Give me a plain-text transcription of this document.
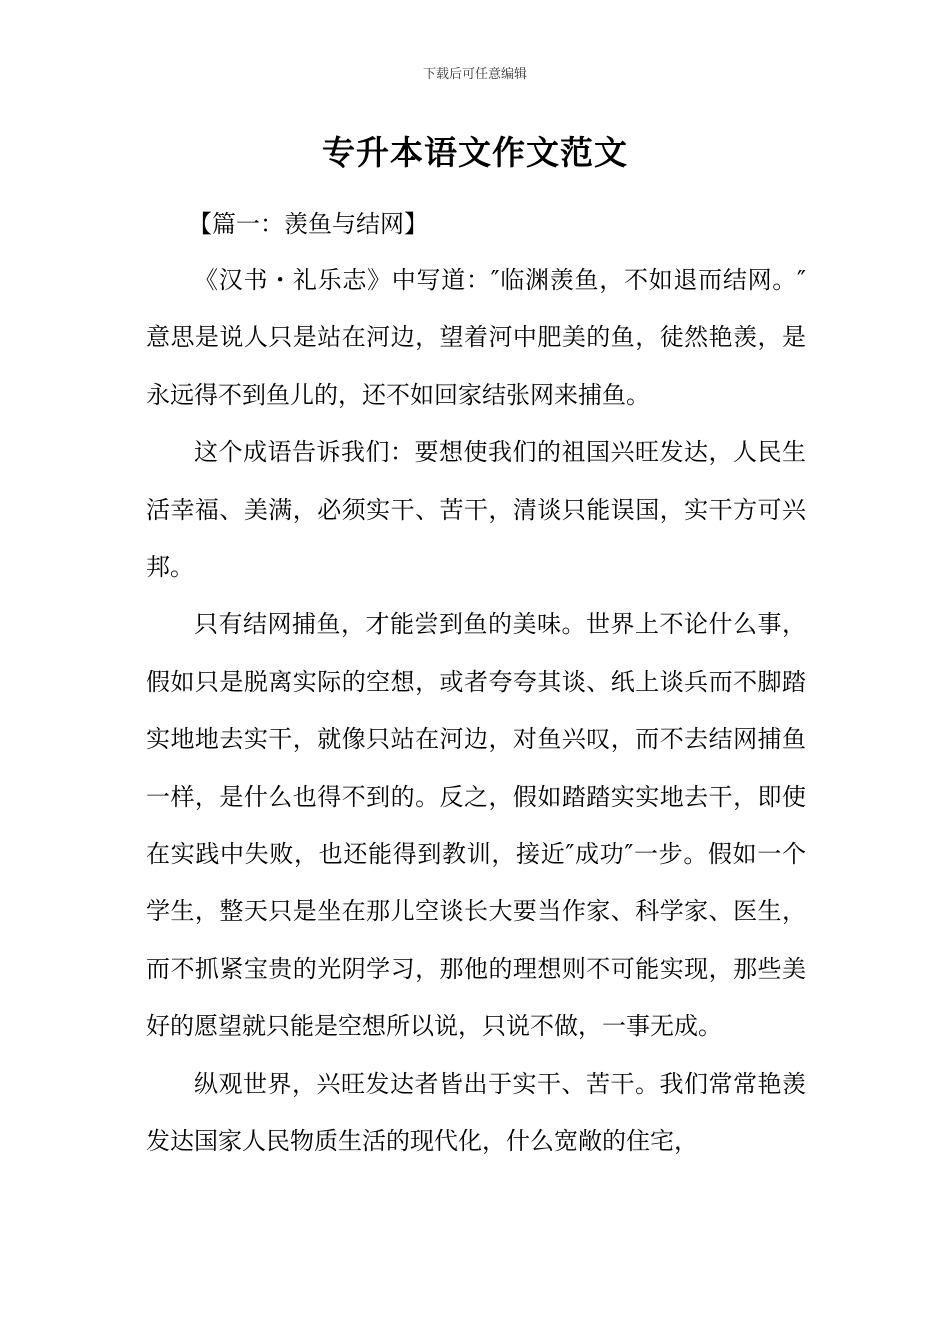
下载后可任意编辑
专升本语文作文范文
【篇一：羡鱼与结网】

《汉书・礼乐志》中写道：″临渊羡鱼，不如退而结网。″意思是说人只是站在河边，望着河中肥美的鱼，徒然艳羡，是永远得不到鱼儿的，还不如回家结张网来捕鱼。

这个成语告诉我们：要想使我们的祖国兴旺发达，人民生活幸福、美满，必须实干、苦干，清谈只能误国，实干方可兴邦。

只有结网捕鱼，才能尝到鱼的美味。世界上不论什么事，假如只是脱离实际的空想，或者夸夸其谈、纸上谈兵而不脚踏实地地去实干，就像只站在河边，对鱼兴叹，而不去结网捕鱼一样，是什么也得不到的。反之，假如踏踏实实地去干，即使在实践中失败，也还能得到教训，接近″成功″一步。假如一个学生，整天只是坐在那儿空谈长大要当作家、科学家、医生，而不抓紧宝贵的光阴学习，那他的理想则不可能实现，那些美好的愿望就只能是空想所以说，只说不做，一事无成。

纵观世界，兴旺发达者皆出于实干、苦干。我们常常艳羡发达国家人民物质生活的现代化，什么宽敞的住宅，
